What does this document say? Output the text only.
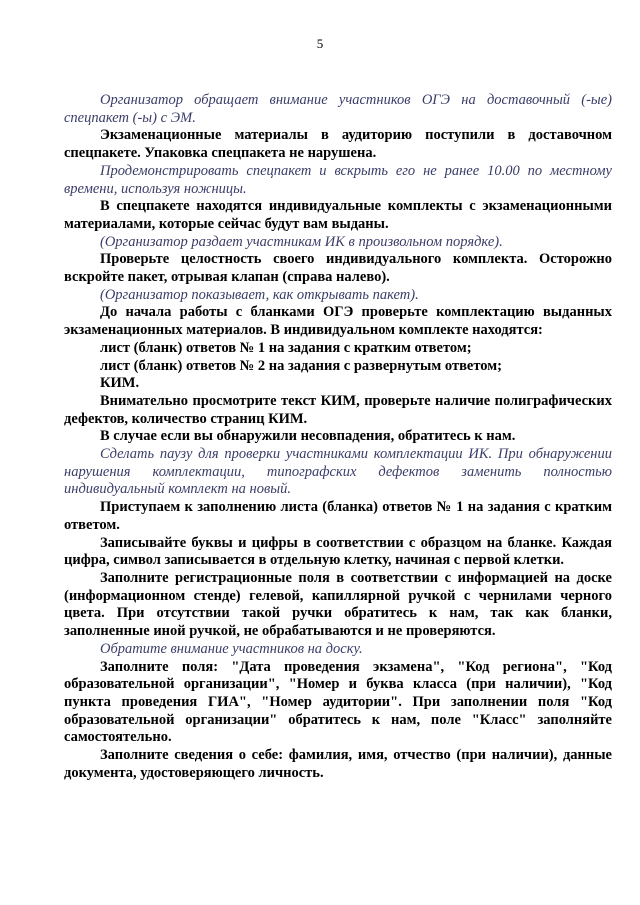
5

Организатор обращает внимание участников ОГЭ на доставочный (-ые) спецпакет (-ы) с ЭМ.

Экзаменационные материалы в аудиторию поступили в доставочном спецпакете. Упаковка спецпакета не нарушена.

Продемонстрировать спецпакет и вскрыть его не ранее 10.00 по местному времени, используя ножницы.

В спецпакете находятся индивидуальные комплекты с экзаменационными материалами, которые сейчас будут вам выданы.

(Организатор раздает участникам ИК в произвольном порядке).

Проверьте целостность своего индивидуального комплекта. Осторожно вскройте пакет, отрывая клапан (справа налево).

(Организатор показывает, как открывать пакет).

До начала работы с бланками ОГЭ проверьте комплектацию выданных экзаменационных материалов. В индивидуальном комплекте находятся:

лист (бланк) ответов № 1 на задания с кратким ответом;

лист (бланк) ответов № 2 на задания с развернутым ответом;

КИМ.

Внимательно просмотрите текст КИМ, проверьте наличие полиграфических дефектов, количество страниц КИМ.

В случае если вы обнаружили несовпадения, обратитесь к нам.

Сделать паузу для проверки участниками комплектации ИК. При обнаружении нарушения комплектации, типографских дефектов заменить полностью индивидуальный комплект на новый.

Приступаем к заполнению листа (бланка) ответов № 1 на задания с кратким ответом.

Записывайте буквы и цифры в соответствии с образцом на бланке. Каждая цифра, символ записывается в отдельную клетку, начиная с первой клетки.

Заполните регистрационные поля в соответствии с информацией на доске (информационном стенде) гелевой, капиллярной ручкой с чернилами черного цвета. При отсутствии такой ручки обратитесь к нам, так как бланки, заполненные иной ручкой, не обрабатываются и не проверяются.

Обратите внимание участников на доску.

Заполните поля: "Дата проведения экзамена", "Код региона", "Код образовательной организации", "Номер и буква класса (при наличии), "Код пункта проведения ГИА", "Номер аудитории". При заполнении поля "Код образовательной организации" обратитесь к нам, поле "Класс" заполняйте самостоятельно.

Заполните сведения о себе: фамилия, имя, отчество (при наличии), данные документа, удостоверяющего личность.
